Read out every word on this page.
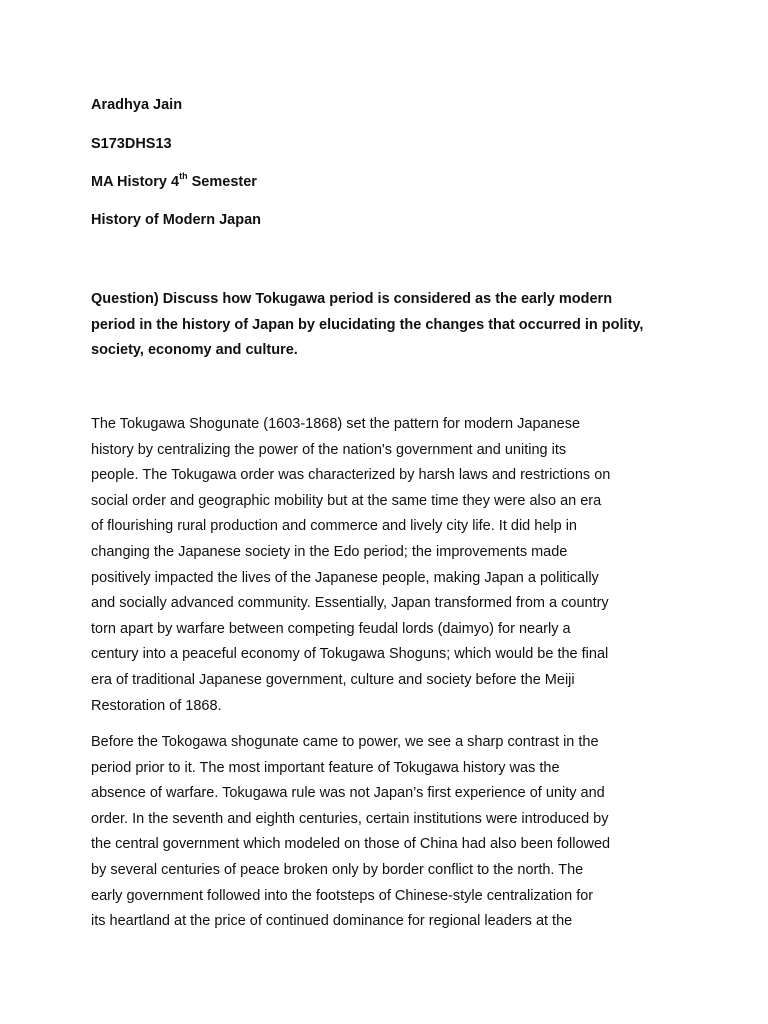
Aradhya Jain
S173DHS13
MA History 4th Semester
History of Modern Japan
Question) Discuss how Tokugawa period is considered as the early modern
period in the history of Japan by elucidating the changes that occurred in polity,
society, economy and culture.
The Tokugawa Shogunate (1603-1868) set the pattern for modern Japanese
history by centralizing the power of the nation's government and uniting its
people. The Tokugawa order was characterized by harsh laws and restrictions on
social order and geographic mobility but at the same time they were also an era
of flourishing rural production and commerce and lively city life. It did help in
changing the Japanese society in the Edo period; the improvements made
positively impacted the lives of the Japanese people, making Japan a politically
and socially advanced community. Essentially, Japan transformed from a country
torn apart by warfare between competing feudal lords (daimyo) for nearly a
century into a peaceful economy of Tokugawa Shoguns; which would be the final
era of traditional Japanese government, culture and society before the Meiji
Restoration of 1868.
Before the Tokogawa shogunate came to power, we see a sharp contrast in the
period prior to it. The most important feature of Tokugawa history was the
absence of warfare. Tokugawa rule was not Japan’s first experience of unity and
order. In the seventh and eighth centuries, certain institutions were introduced by
the central government which modeled on those of China had also been followed
by several centuries of peace broken only by border conflict to the north. The
early government followed into the footsteps of Chinese-style centralization for
its heartland at the price of continued dominance for regional leaders at the
